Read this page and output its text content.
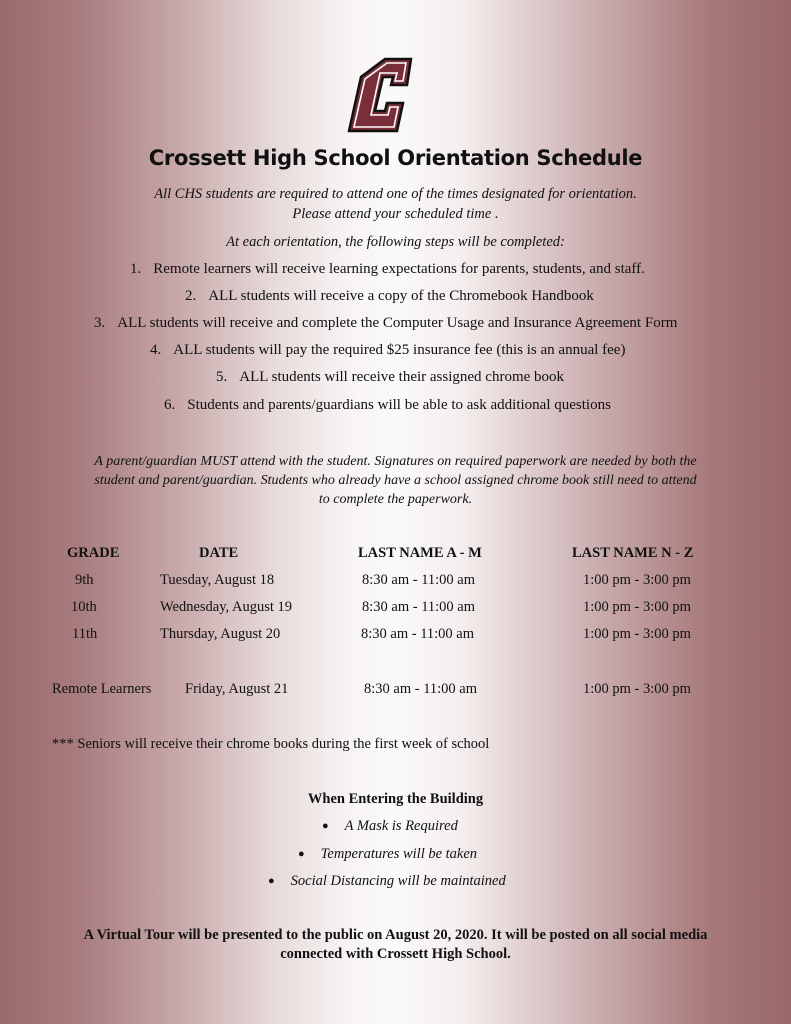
Crossett High School Orientation Schedule
All CHS students are required to attend one of the times designated for orientation.
Please attend your scheduled time .
At each orientation, the following steps will be completed:
1. Remote learners will receive learning expectations for parents, students, and staff.
2. ALL students will receive a copy of the Chromebook Handbook
3. ALL students will receive and complete the Computer Usage and Insurance Agreement Form
4. ALL students will pay the required $25 insurance fee (this is an annual fee)
5. ALL students will receive their assigned chrome book
6. Students and parents/guardians will be able to ask additional questions
A parent/guardian MUST attend with the student. Signatures on required paperwork are needed by both the
student and parent/guardian. Students who already have a school assigned chrome book still need to attend
to complete the paperwork.
GRADE	DATE	LAST NAME A - M	LAST NAME N - Z
9th	Tuesday, August 18	8:30 am - 11:00 am	1:00 pm - 3:00 pm
10th	Wednesday, August 19	8:30 am - 11:00 am	1:00 pm - 3:00 pm
11th	Thursday, August 20	8:30 am - 11:00 am	1:00 pm - 3:00 pm
Remote Learners Friday, August 21	8:30 am - 11:00 am	1:00 pm - 3:00 pm
*** Seniors will receive their chrome books during the first week of school
When Entering the Building
● A Mask is Required
● Temperatures will be taken
● Social Distancing will be maintained
A Virtual Tour will be presented to the public on August 20, 2020. It will be posted on all social media
connected with Crossett High School.
